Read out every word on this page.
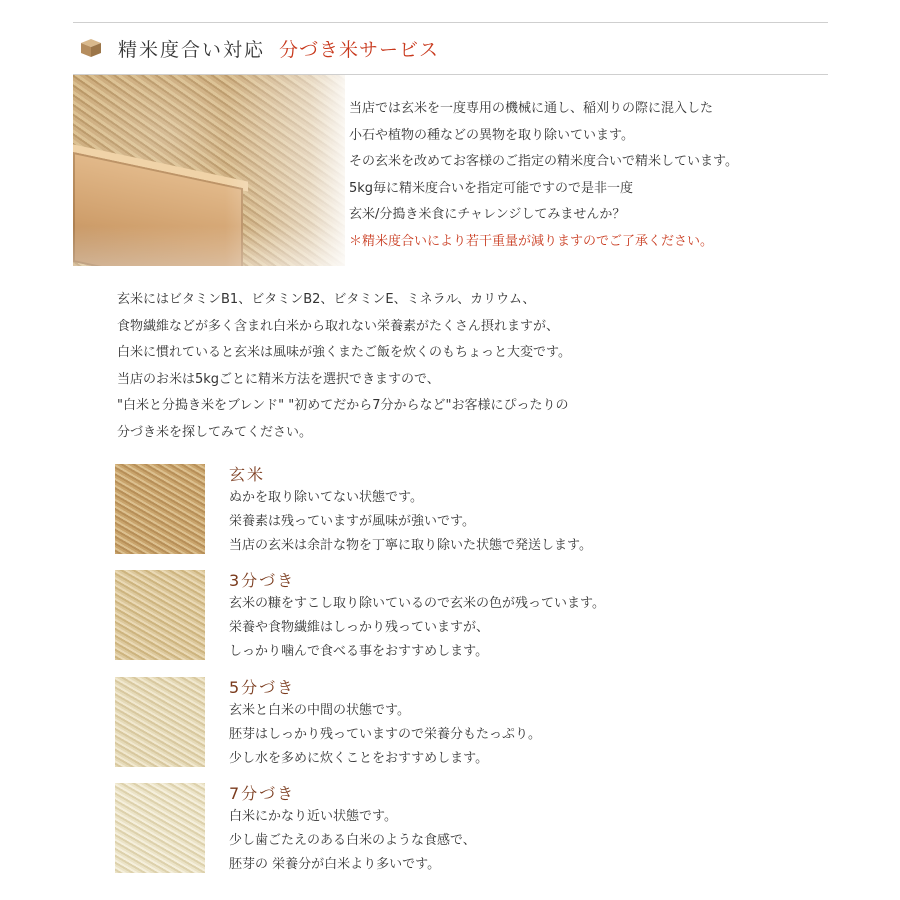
精米度合い対応 分づき米サービス

当店では玄米を一度専用の機械に通し、稲刈りの際に混入した

小石や植物の種などの異物を取り除いています。

その玄米を改めてお客様のご指定の精米度合いで精米しています。

5kg毎に精米度合いを指定可能ですので是非一度

玄米/分搗き米食にチャレンジしてみませんか？

＊精米度合いにより若干重量が減りますのでご了承ください。

玄米にはビタミンB1、ビタミンB2、ビタミンE、ミネラル、カリウム、

食物繊維などが多く含まれ白米から取れない栄養素がたくさん摂れますが、

白米に慣れていると玄米は風味が強くまたご飯を炊くのもちょっと大変です。

当店のお米は5kgごとに精米方法を選択できますので、

"白米と分搗き米をブレンド" "初めてだから7分からなど"お客様にぴったりの

分づき米を探してみてください。

玄米

ぬかを取り除いてない状態です。

栄養素は残っていますが風味が強いです。

当店の玄米は余計な物を丁寧に取り除いた状態で発送します。

3分づき

玄米の糠をすこし取り除いているので玄米の色が残っています。

栄養や食物繊維はしっかり残っていますが、

しっかり噛んで食べる事をおすすめします。

5分づき

玄米と白米の中間の状態です。

胚芽はしっかり残っていますので栄養分もたっぷり。

少し水を多めに炊くことをおすすめします。

7分づき

白米にかなり近い状態です。

少し歯ごたえのある白米のような食感で、

胚芽の 栄養分が白米より多いです。
